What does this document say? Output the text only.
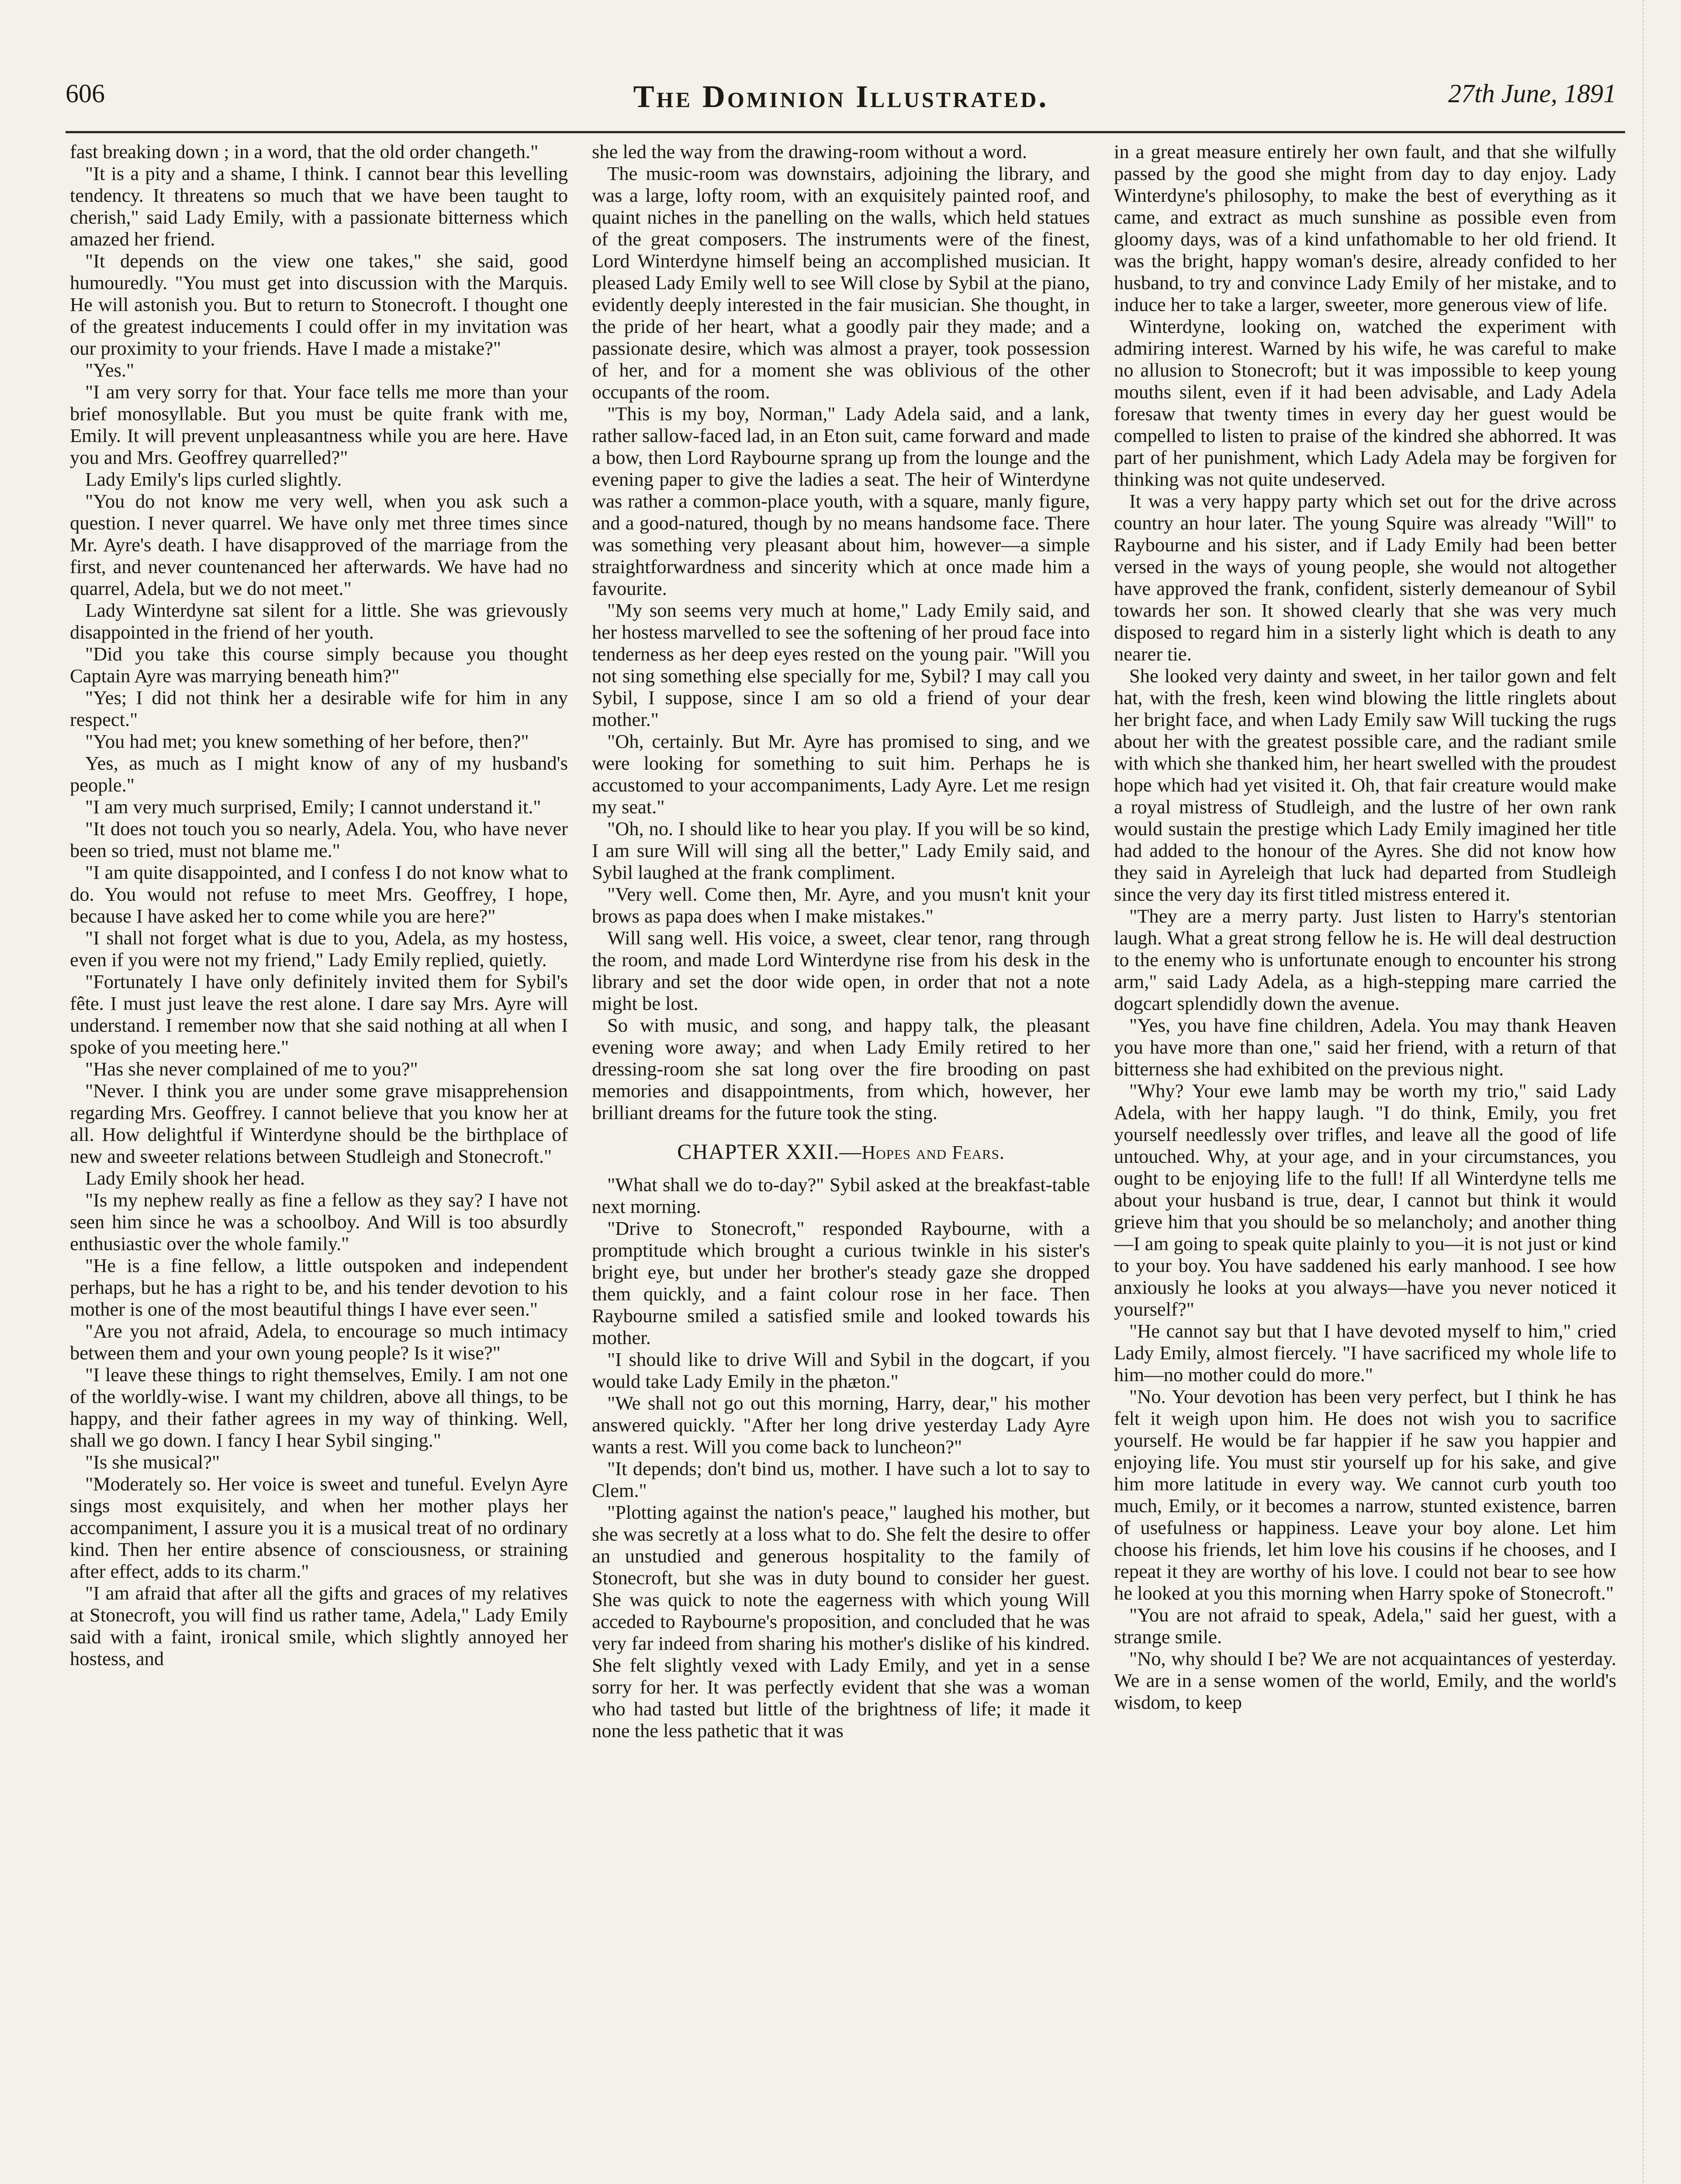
606	The Dominion Illustrated.	27th June, 1891

fast breaking down ; in a word, that the old order changeth."

"It is a pity and a shame, I think. I cannot bear this levelling tendency. It threatens so much that we have been taught to cherish," said Lady Emily, with a passionate bitterness which amazed her friend.

"It depends on the view one takes," she said, good humouredly. "You must get into discussion with the Marquis. He will astonish you. But to return to Stonecroft. I thought one of the greatest inducements I could offer in my invitation was our proximity to your friends. Have I made a mistake?"

"Yes."

"I am very sorry for that. Your face tells me more than your brief monosyllable. But you must be quite frank with me, Emily. It will prevent unpleasantness while you are here. Have you and Mrs. Geoffrey quarrelled?"

Lady Emily's lips curled slightly.

"You do not know me very well, when you ask such a question. I never quarrel. We have only met three times since Mr. Ayre's death. I have disapproved of the marriage from the first, and never countenanced her afterwards. We have had no quarrel, Adela, but we do not meet."

Lady Winterdyne sat silent for a little. She was grievously disappointed in the friend of her youth.

"Did you take this course simply because you thought Captain Ayre was marrying beneath him?"

"Yes; I did not think her a desirable wife for him in any respect."

"You had met; you knew something of her before, then?"

Yes, as much as I might know of any of my husband's people."

"I am very much surprised, Emily; I cannot understand it."

"It does not touch you so nearly, Adela. You, who have never been so tried, must not blame me."

"I am quite disappointed, and I confess I do not know what to do. You would not refuse to meet Mrs. Geoffrey, I hope, because I have asked her to come while you are here?"

"I shall not forget what is due to you, Adela, as my hostess, even if you were not my friend," Lady Emily replied, quietly.

"Fortunately I have only definitely invited them for Sybil's fête. I must just leave the rest alone. I dare say Mrs. Ayre will understand. I remember now that she said nothing at all when I spoke of you meeting here."

"Has she never complained of me to you?"

"Never. I think you are under some grave misapprehension regarding Mrs. Geoffrey. I cannot believe that you know her at all. How delightful if Winterdyne should be the birthplace of new and sweeter relations between Studleigh and Stonecroft."

Lady Emily shook her head.

"Is my nephew really as fine a fellow as they say? I have not seen him since he was a schoolboy. And Will is too absurdly enthusiastic over the whole family."

"He is a fine fellow, a little outspoken and independent perhaps, but he has a right to be, and his tender devotion to his mother is one of the most beautiful things I have ever seen."

"Are you not afraid, Adela, to encourage so much intimacy between them and your own young people? Is it wise?"

"I leave these things to right themselves, Emily. I am not one of the worldly-wise. I want my children, above all things, to be happy, and their father agrees in my way of thinking. Well, shall we go down. I fancy I hear Sybil singing."

"Is she musical?"

"Moderately so. Her voice is sweet and tuneful. Evelyn Ayre sings most exquisitely, and when her mother plays her accompaniment, I assure you it is a musical treat of no ordinary kind. Then her entire absence of consciousness, or straining after effect, adds to its charm."

"I am afraid that after all the gifts and graces of my relatives at Stonecroft, you will find us rather tame, Adela," Lady Emily said with a faint, ironical smile, which slightly annoyed her hostess, and

she led the way from the drawing-room without a word.

The music-room was downstairs, adjoining the library, and was a large, lofty room, with an exquisitely painted roof, and quaint niches in the panelling on the walls, which held statues of the great composers. The instruments were of the finest, Lord Winterdyne himself being an accomplished musician. It pleased Lady Emily well to see Will close by Sybil at the piano, evidently deeply interested in the fair musician. She thought, in the pride of her heart, what a goodly pair they made; and a passionate desire, which was almost a prayer, took possession of her, and for a moment she was oblivious of the other occupants of the room.

"This is my boy, Norman," Lady Adela said, and a lank, rather sallow-faced lad, in an Eton suit, came forward and made a bow, then Lord Raybourne sprang up from the lounge and the evening paper to give the ladies a seat. The heir of Winterdyne was rather a common-place youth, with a square, manly figure, and a good-natured, though by no means handsome face. There was something very pleasant about him, however—a simple straightforwardness and sincerity which at once made him a favourite.

"My son seems very much at home," Lady Emily said, and her hostess marvelled to see the softening of her proud face into tenderness as her deep eyes rested on the young pair. "Will you not sing something else specially for me, Sybil? I may call you Sybil, I suppose, since I am so old a friend of your dear mother."

"Oh, certainly. But Mr. Ayre has promised to sing, and we were looking for something to suit him. Perhaps he is accustomed to your accompaniments, Lady Ayre. Let me resign my seat."

"Oh, no. I should like to hear you play. If you will be so kind, I am sure Will will sing all the better," Lady Emily said, and Sybil laughed at the frank compliment.

"Very well. Come then, Mr. Ayre, and you musn't knit your brows as papa does when I make mistakes."

Will sang well. His voice, a sweet, clear tenor, rang through the room, and made Lord Winterdyne rise from his desk in the library and set the door wide open, in order that not a note might be lost.

So with music, and song, and happy talk, the pleasant evening wore away; and when Lady Emily retired to her dressing-room she sat long over the fire brooding on past memories and disappointments, from which, however, her brilliant dreams for the future took the sting.

CHAPTER XXII.—Hopes and Fears.

"What shall we do to-day?" Sybil asked at the breakfast-table next morning.

"Drive to Stonecroft," responded Raybourne, with a promptitude which brought a curious twinkle in his sister's bright eye, but under her brother's steady gaze she dropped them quickly, and a faint colour rose in her face. Then Raybourne smiled a satisfied smile and looked towards his mother.

"I should like to drive Will and Sybil in the dogcart, if you would take Lady Emily in the phæton."

"We shall not go out this morning, Harry, dear," his mother answered quickly. "After her long drive yesterday Lady Ayre wants a rest. Will you come back to luncheon?"

"It depends; don't bind us, mother. I have such a lot to say to Clem."

"Plotting against the nation's peace," laughed his mother, but she was secretly at a loss what to do. She felt the desire to offer an unstudied and generous hospitality to the family of Stonecroft, but she was in duty bound to consider her guest. She was quick to note the eagerness with which young Will acceded to Raybourne's proposition, and concluded that he was very far indeed from sharing his mother's dislike of his kindred. She felt slightly vexed with Lady Emily, and yet in a sense sorry for her. It was perfectly evident that she was a woman who had tasted but little of the brightness of life; it made it none the less pathetic that it was

in a great measure entirely her own fault, and that she wilfully passed by the good she might from day to day enjoy. Lady Winterdyne's philosophy, to make the best of everything as it came, and extract as much sunshine as possible even from gloomy days, was of a kind unfathomable to her old friend. It was the bright, happy woman's desire, already confided to her husband, to try and convince Lady Emily of her mistake, and to induce her to take a larger, sweeter, more generous view of life.

Winterdyne, looking on, watched the experiment with admiring interest. Warned by his wife, he was careful to make no allusion to Stonecroft; but it was impossible to keep young mouths silent, even if it had been advisable, and Lady Adela foresaw that twenty times in every day her guest would be compelled to listen to praise of the kindred she abhorred. It was part of her punishment, which Lady Adela may be forgiven for thinking was not quite undeserved.

It was a very happy party which set out for the drive across country an hour later. The young Squire was already "Will" to Raybourne and his sister, and if Lady Emily had been better versed in the ways of young people, she would not altogether have approved the frank, confident, sisterly demeanour of Sybil towards her son. It showed clearly that she was very much disposed to regard him in a sisterly light which is death to any nearer tie.

She looked very dainty and sweet, in her tailor gown and felt hat, with the fresh, keen wind blowing the little ringlets about her bright face, and when Lady Emily saw Will tucking the rugs about her with the greatest possible care, and the radiant smile with which she thanked him, her heart swelled with the proudest hope which had yet visited it. Oh, that fair creature would make a royal mistress of Studleigh, and the lustre of her own rank would sustain the prestige which Lady Emily imagined her title had added to the honour of the Ayres. She did not know how they said in Ayreleigh that luck had departed from Studleigh since the very day its first titled mistress entered it.

"They are a merry party. Just listen to Harry's stentorian laugh. What a great strong fellow he is. He will deal destruction to the enemy who is unfortunate enough to encounter his strong arm," said Lady Adela, as a high-stepping mare carried the dogcart splendidly down the avenue.

"Yes, you have fine children, Adela. You may thank Heaven you have more than one," said her friend, with a return of that bitterness she had exhibited on the previous night.

"Why? Your ewe lamb may be worth my trio," said Lady Adela, with her happy laugh. "I do think, Emily, you fret yourself needlessly over trifles, and leave all the good of life untouched. Why, at your age, and in your circumstances, you ought to be enjoying life to the full! If all Winterdyne tells me about your husband is true, dear, I cannot but think it would grieve him that you should be so melancholy; and another thing—I am going to speak quite plainly to you—it is not just or kind to your boy. You have saddened his early manhood. I see how anxiously he looks at you always—have you never noticed it yourself?"

"He cannot say but that I have devoted myself to him," cried Lady Emily, almost fiercely. "I have sacrificed my whole life to him—no mother could do more."

"No. Your devotion has been very perfect, but I think he has felt it weigh upon him. He does not wish you to sacrifice yourself. He would be far happier if he saw you happier and enjoying life. You must stir yourself up for his sake, and give him more latitude in every way. We cannot curb youth too much, Emily, or it becomes a narrow, stunted existence, barren of usefulness or happiness. Leave your boy alone. Let him choose his friends, let him love his cousins if he chooses, and I repeat it they are worthy of his love. I could not bear to see how he looked at you this morning when Harry spoke of Stonecroft."

"You are not afraid to speak, Adela," said her guest, with a strange smile.

"No, why should I be? We are not acquaintances of yesterday. We are in a sense women of the world, Emily, and the world's wisdom, to keep
